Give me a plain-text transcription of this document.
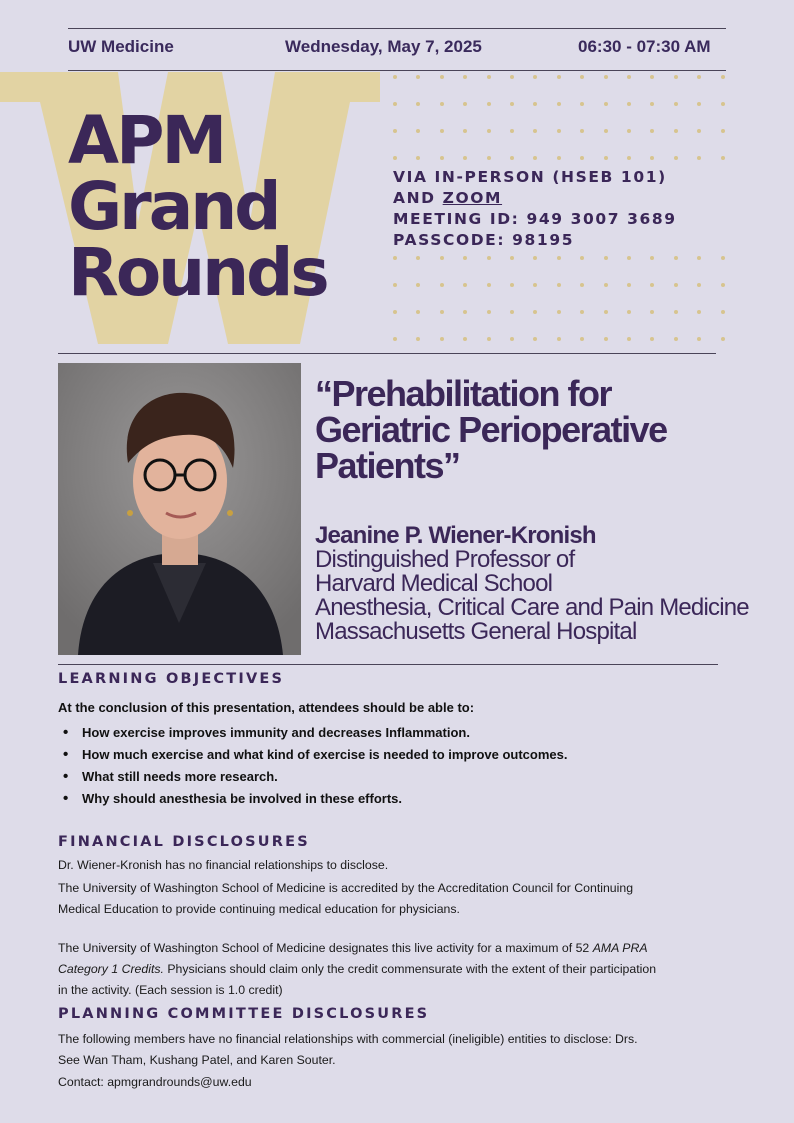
UW Medicine	Wednesday, May 7, 2025	06:30 - 07:30 AM
APM
Grand
Rounds
VIA IN-PERSON (HSEB 101)
AND ZOOM
MEETING ID: 949 3007 3689
PASSCODE: 98195
“Prehabilitation for
Geriatric Perioperative
Patients”
Jeanine P. Wiener-Kronish
Distinguished Professor of
Harvard Medical School
Anesthesia, Critical Care and Pain Medicine
Massachusetts General Hospital
LEARNING OBJECTIVES
At the conclusion of this presentation, attendees should be able to:
• How exercise improves immunity and decreases Inflammation.
• How much exercise and what kind of exercise is needed to improve outcomes.
• What still needs more research.
• Why should anesthesia be involved in these efforts.
FINANCIAL DISCLOSURES
Dr. Wiener-Kronish has no financial relationships to disclose.
The University of Washington School of Medicine is accredited by the Accreditation Council for Continuing
Medical Education to provide continuing medical education for physicians.
The University of Washington School of Medicine designates this live activity for a maximum of 52 AMA PRA
Category 1 Credits. Physicians should claim only the credit commensurate with the extent of their participation
in the activity. (Each session is 1.0 credit)
PLANNING COMMITTEE DISCLOSURES
The following members have no financial relationships with commercial (ineligible) entities to disclose: Drs.
See Wan Tham, Kushang Patel, and Karen Souter.
Contact: apmgrandrounds@uw.edu
